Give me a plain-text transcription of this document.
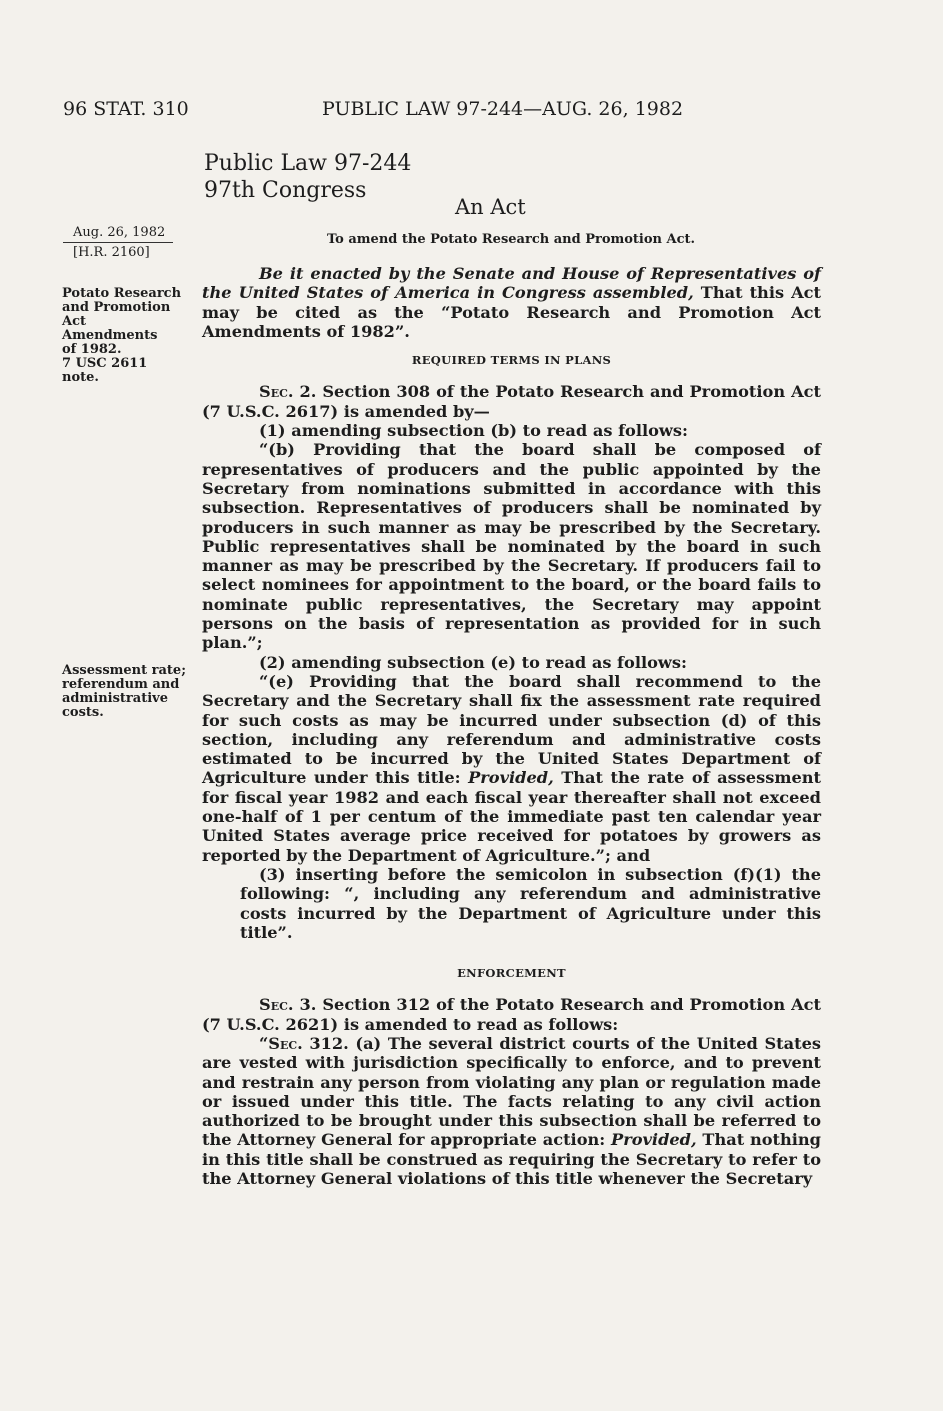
96 STAT. 310	PUBLIC LAW 97-244—AUG. 26, 1982
Public Law 97-244
97th Congress
An Act
To amend the Potato Research and Promotion Act.
Aug. 26, 1982
[H.R. 2160]
Potato Research
and Promotion
Act
Amendments
of 1982.
7 USC 2611 note.
Assessment rate;
referendum and
administrative
costs.

Be it enacted by the Senate and House of Representatives of the United States of America in Congress assembled, That this Act may be cited as the “Potato Research and Promotion Act Amendments of 1982”.

REQUIRED TERMS IN PLANS

Sec. 2. Section 308 of the Potato Research and Promotion Act (7 U.S.C. 2617) is amended by—

(1) amending subsection (b) to read as follows:

“(b) Providing that the board shall be composed of representatives of producers and the public appointed by the Secretary from nominations submitted in accordance with this subsection. Representatives of producers shall be nominated by producers in such manner as may be prescribed by the Secretary. Public representatives shall be nominated by the board in such manner as may be prescribed by the Secretary. If producers fail to select nominees for appointment to the board, or the board fails to nominate public representatives, the Secretary may appoint persons on the basis of representation as provided for in such plan.”;

(2) amending subsection (e) to read as follows:

“(e) Providing that the board shall recommend to the Secretary and the Secretary shall fix the assessment rate required for such costs as may be incurred under subsection (d) of this section, including any referendum and administrative costs estimated to be incurred by the United States Department of Agriculture under this title: Provided, That the rate of assessment for fiscal year 1982 and each fiscal year thereafter shall not exceed one-half of 1 per centum of the immediate past ten calendar year United States average price received for potatoes by growers as reported by the Department of Agriculture.”; and

(3) inserting before the semicolon in subsection (f)(1) the following: “, including any referendum and administrative costs incurred by the Department of Agriculture under this title”.

ENFORCEMENT

Sec. 3. Section 312 of the Potato Research and Promotion Act (7 U.S.C. 2621) is amended to read as follows:

“Sec. 312. (a) The several district courts of the United States are vested with jurisdiction specifically to enforce, and to prevent and restrain any person from violating any plan or regulation made or issued under this title. The facts relating to any civil action authorized to be brought under this subsection shall be referred to the Attorney General for appropriate action: Provided, That nothing in this title shall be construed as requiring the Secretary to refer to the Attorney General violations of this title whenever the Secretary
